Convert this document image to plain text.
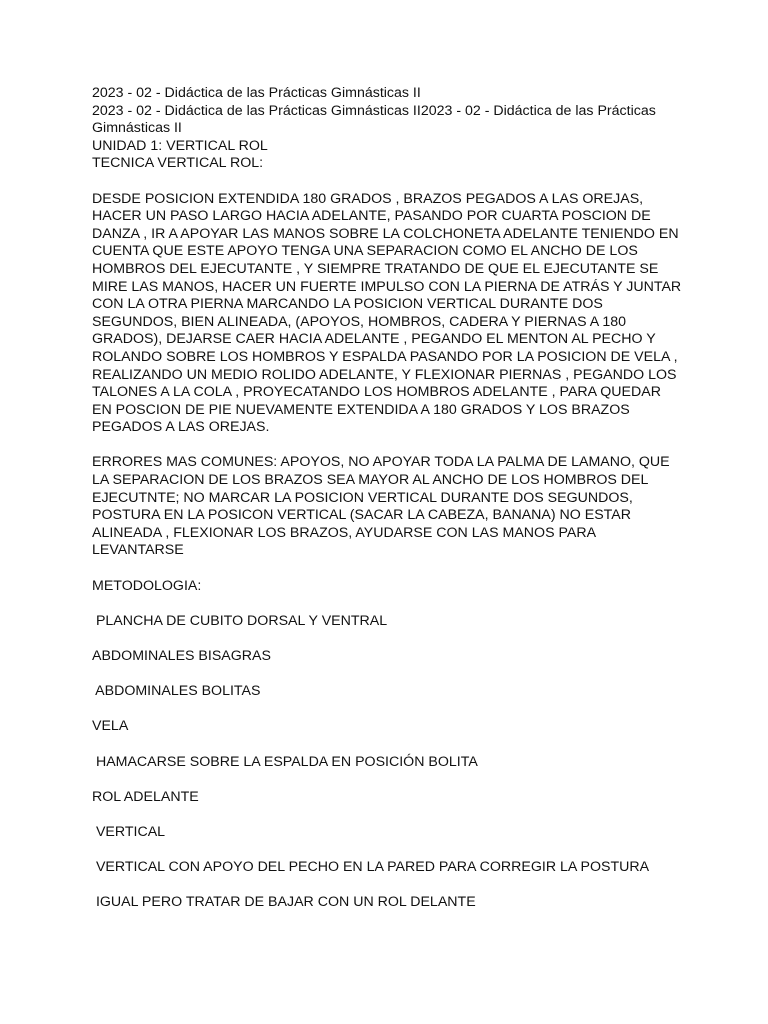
2023 - 02 - Didáctica de las Prácticas Gimnásticas II

2023 - 02 - Didáctica de las Prácticas Gimnásticas II2023 - 02 - Didáctica de las Prácticas Gimnásticas II

UNIDAD 1: VERTICAL ROL

TECNICA VERTICAL ROL:

DESDE POSICION EXTENDIDA 180 GRADOS , BRAZOS PEGADOS A LAS OREJAS, HACER UN PASO LARGO HACIA ADELANTE, PASANDO POR CUARTA POSCION DE DANZA , IR A APOYAR LAS MANOS SOBRE LA COLCHONETA ADELANTE TENIENDO EN CUENTA QUE ESTE APOYO TENGA UNA SEPARACION COMO EL ANCHO DE LOS HOMBROS DEL EJECUTANTE , Y SIEMPRE TRATANDO DE QUE EL EJECUTANTE SE MIRE LAS MANOS, HACER UN FUERTE IMPULSO CON LA PIERNA DE ATRÁS Y JUNTAR CON LA OTRA PIERNA MARCANDO LA POSICION VERTICAL DURANTE DOS SEGUNDOS, BIEN ALINEADA, (APOYOS, HOMBROS, CADERA Y PIERNAS A 180 GRADOS), DEJARSE CAER HACIA ADELANTE , PEGANDO EL MENTON AL PECHO Y ROLANDO SOBRE LOS HOMBROS Y ESPALDA PASANDO POR LA POSICION DE VELA , REALIZANDO UN MEDIO ROLIDO ADELANTE, Y FLEXIONAR PIERNAS , PEGANDO LOS TALONES A LA COLA , PROYECATANDO LOS HOMBROS ADELANTE , PARA QUEDAR EN POSCION DE PIE NUEVAMENTE EXTENDIDA A 180 GRADOS Y LOS BRAZOS PEGADOS A LAS OREJAS.

ERRORES MAS COMUNES: APOYOS, NO APOYAR TODA LA PALMA DE LAMANO, QUE LA SEPARACION DE LOS BRAZOS SEA MAYOR AL ANCHO DE LOS HOMBROS DEL EJECUTNTE; NO MARCAR LA POSICION VERTICAL DURANTE DOS SEGUNDOS, POSTURA EN LA POSICON VERTICAL (SACAR LA CABEZA, BANANA) NO ESTAR ALINEADA , FLEXIONAR LOS BRAZOS, AYUDARSE CON LAS MANOS PARA LEVANTARSE

METODOLOGIA:

PLANCHA DE CUBITO DORSAL Y VENTRAL

ABDOMINALES BISAGRAS

ABDOMINALES BOLITAS

VELA

HAMACARSE SOBRE LA ESPALDA EN POSICIÓN BOLITA

ROL ADELANTE

VERTICAL

VERTICAL CON APOYO DEL PECHO EN LA PARED PARA CORREGIR LA POSTURA

IGUAL PERO TRATAR DE BAJAR CON UN ROL DELANTE
